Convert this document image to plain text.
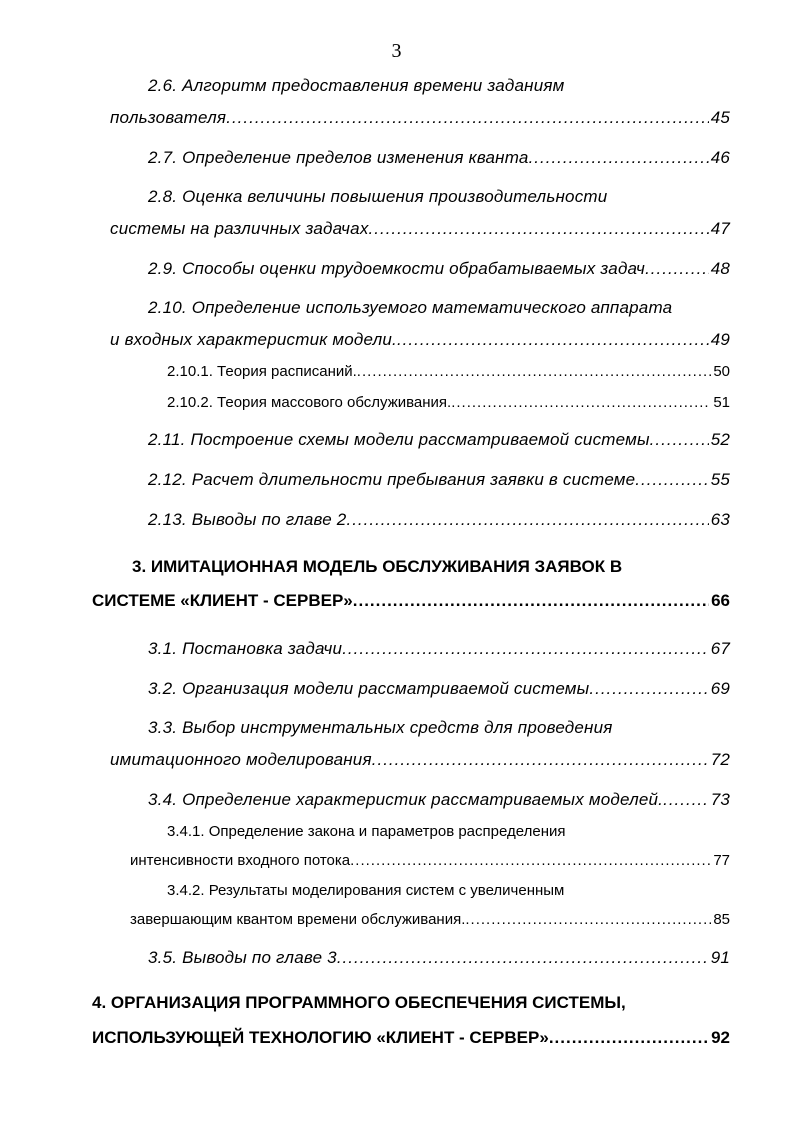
3
2.6. Алгоритм предоставления времени заданиям
пользователя .....	45
2.7. Определение пределов изменения кванта .....	46
2.8. Оценка величины повышения производительности
системы на различных задачах .....	47
2.9. Способы оценки трудоемкости обрабатываемых задач .....	48
2.10. Определение используемого математического аппарата
и входных характеристик модели. .....	49
2.10.1. Теория расписаний. .....	50
2.10.2. Теория массового обслуживания. .....	51
2.11. Построение схемы модели рассматриваемой системы .....	52
2.12. Расчет длительности пребывания заявки в системе .....	55
2.13. Выводы по главе 2 .....	63
3. ИМИТАЦИОННАЯ МОДЕЛЬ ОБСЛУЖИВАНИЯ ЗАЯВОК В
СИСТЕМЕ «КЛИЕНТ - СЕРВЕР» .....	66
3.1. Постановка задачи .....	67
3.2. Организация модели рассматриваемой системы .....	69
3.3. Выбор инструментальных средств для проведения
имитационного моделирования .....	72
3.4. Определение характеристик рассматриваемых моделей. .....	73
3.4.1. Определение закона и параметров распределения
интенсивности входного потока .....	77
3.4.2. Результаты моделирования систем с увеличенным
завершающим квантом времени обслуживания. .....	85
3.5. Выводы по главе 3 .....	91
4. ОРГАНИЗАЦИЯ ПРОГРАММНОГО ОБЕСПЕЧЕНИЯ СИСТЕМЫ,
ИСПОЛЬЗУЮЩЕЙ ТЕХНОЛОГИЮ «КЛИЕНТ - СЕРВЕР» .....	92
